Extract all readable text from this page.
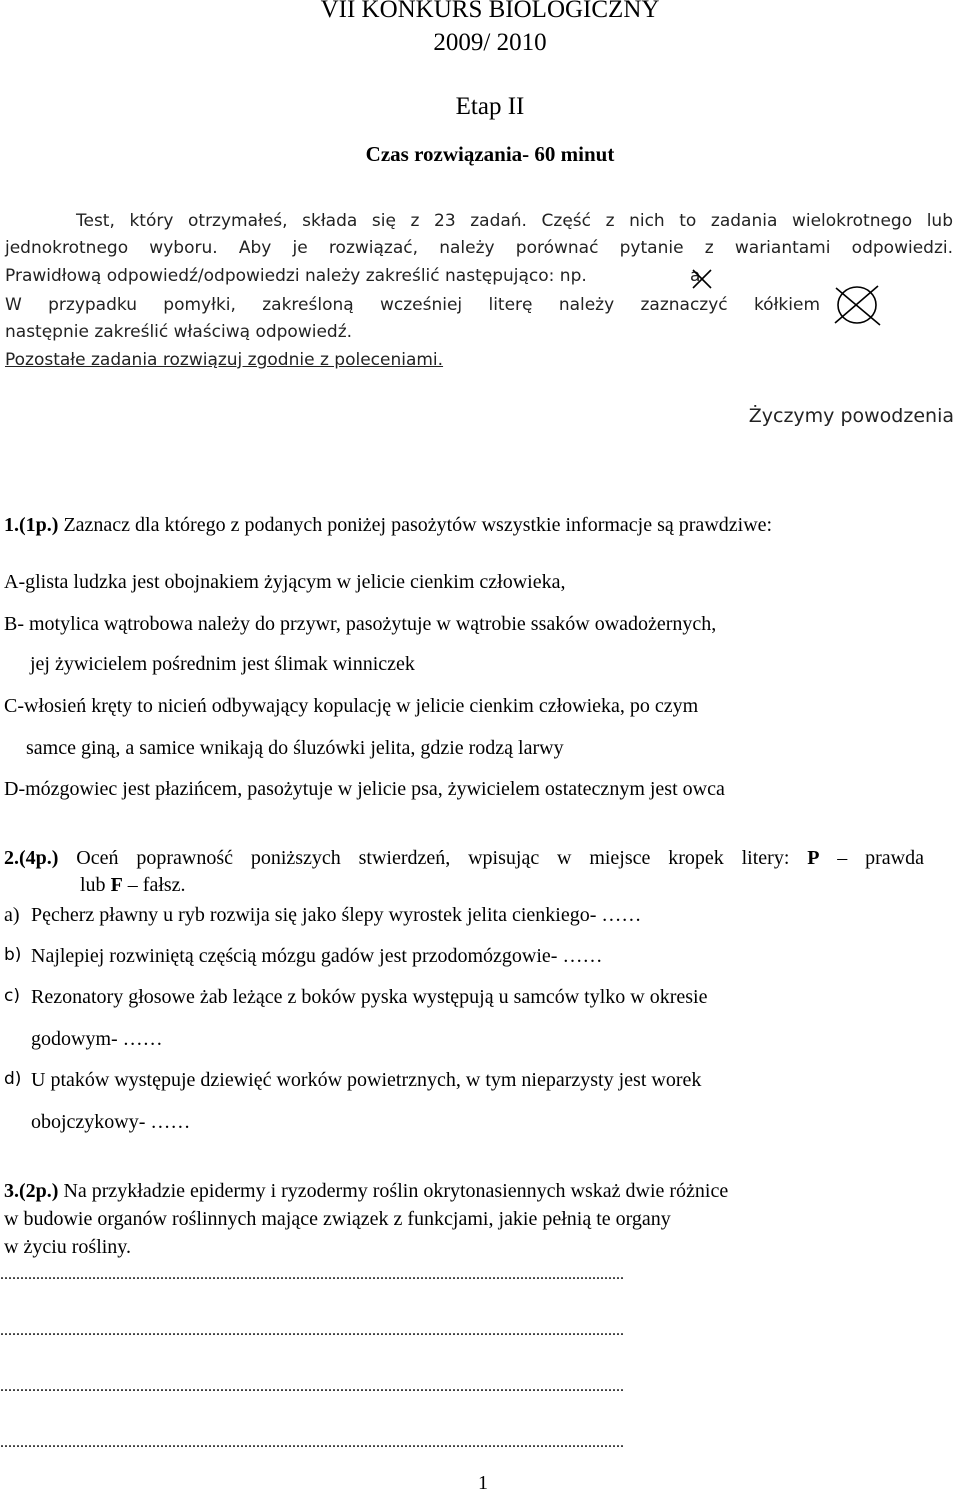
VII KONKURS BIOLOGICZNY
2009/ 2010
Etap II
Czas rozwiązania- 60 minut
Test, który otrzymałeś, składa się z 23 zadań. Część z nich to zadania wielokrotnego lub
jednokrotnego wyboru. Aby je rozwiązać, należy porównać pytanie z wariantami odpowiedzi.
Prawidłową odpowiedź/odpowiedzi należy zakreślić następująco: np.	a
W przypadku pomyłki, zakreśloną wcześniej literę należy zaznaczyć kółkiem
następnie zakreślić właściwą odpowiedź.
Pozostałe zadania rozwiązuj zgodnie z poleceniami.
Życzymy powodzenia
1.(1p.) Zaznacz dla którego z podanych poniżej pasożytów wszystkie informacje są prawdziwe:
A-glista ludzka jest obojnakiem żyjącym w jelicie cienkim człowieka,
B- motylica wątrobowa należy do przywr, pasożytuje w wątrobie ssaków owadożernych,
jej żywicielem pośrednim jest ślimak winniczek
C-włosień kręty to nicień odbywający kopulację w jelicie cienkim człowieka, po czym
samce giną, a samice wnikają do śluzówki jelita, gdzie rodzą larwy
D-mózgowiec jest płazińcem, pasożytuje w jelicie psa, żywicielem ostatecznym jest owca
2.(4p.) Oceń poprawność poniższych stwierdzeń, wpisując w miejsce kropek litery: P – prawda
lub F – fałsz.
a) Pęcherz pławny u ryb rozwija się jako ślepy wyrostek jelita cienkiego- ……
b) Najlepiej rozwiniętą częścią mózgu gadów jest przodomózgowie- ……
c) Rezonatory głosowe żab leżące z boków pyska występują u samców tylko w okresie
godowym- ……
d) U ptaków występuje dziewięć worków powietrznych, w tym nieparzysty jest worek
obojczykowy- ……
3.(2p.) Na przykładzie epidermy i ryzodermy roślin okrytonasiennych wskaż dwie różnice
w budowie organów roślinnych mające związek z funkcjami, jakie pełnią te organy
w życiu rośliny.
............................................................................................................................................................
............................................................................................................................................................
............................................................................................................................................................
............................................................................................................................................................
1
